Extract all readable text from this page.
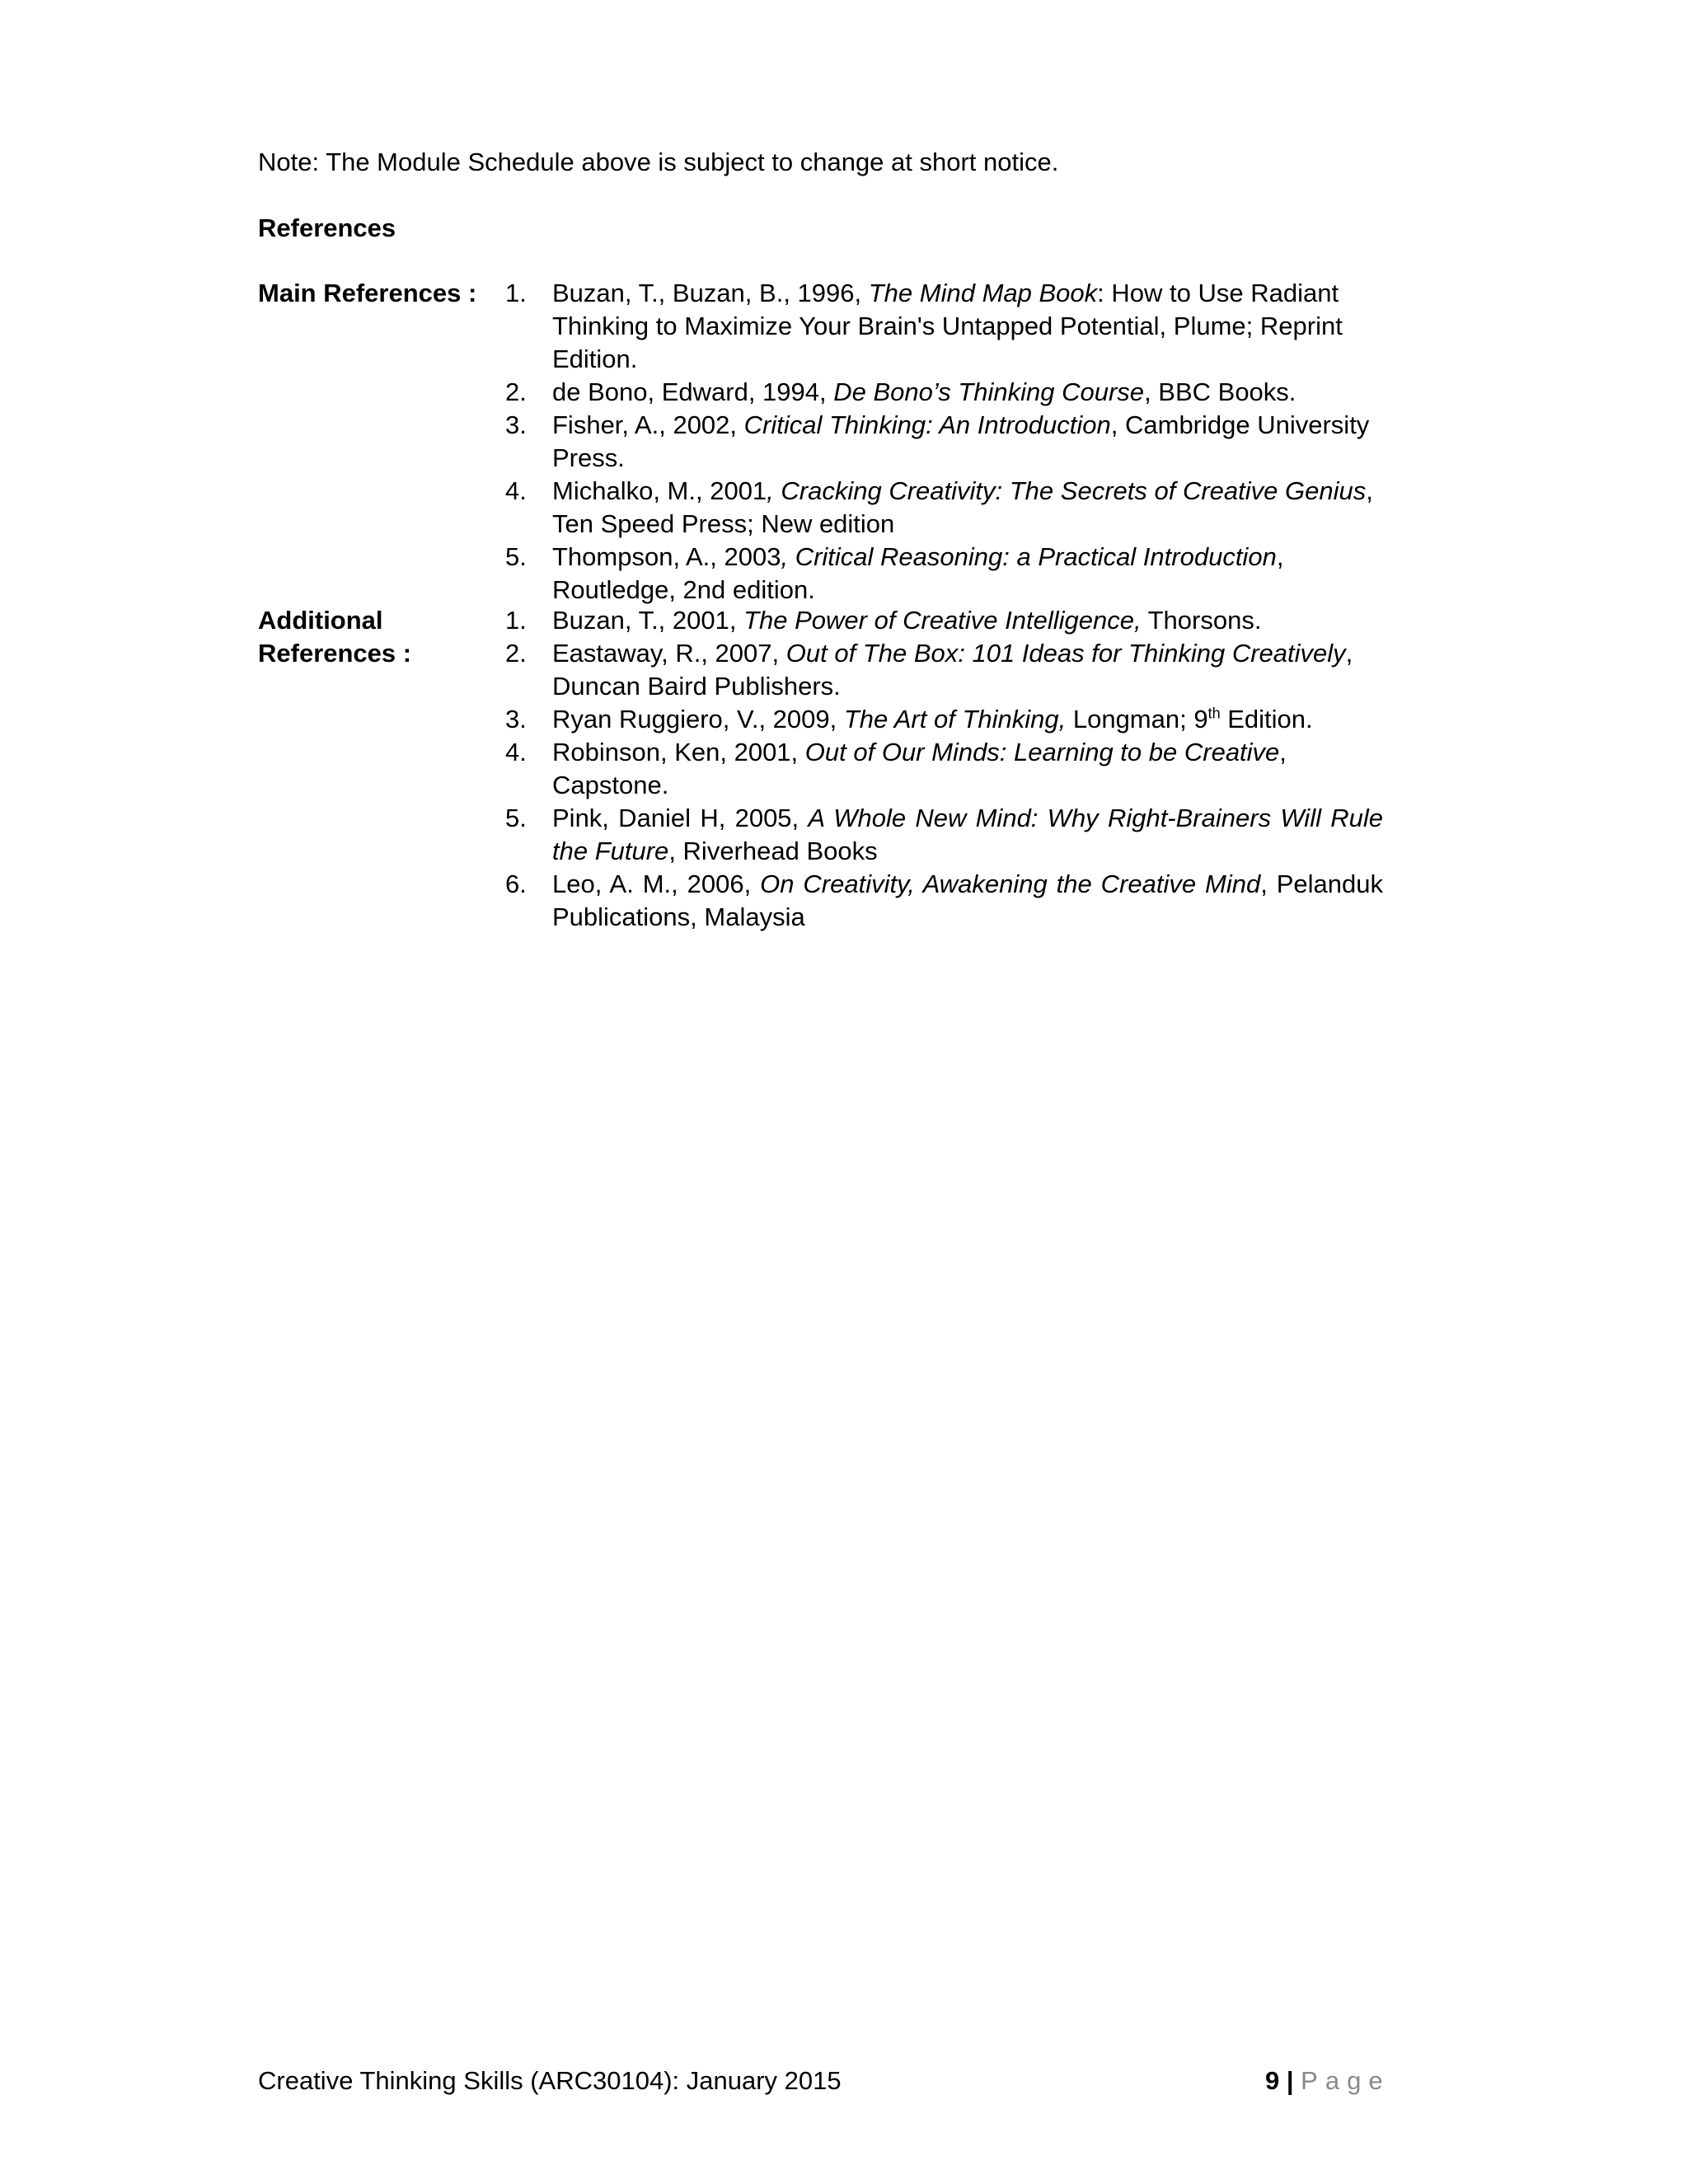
Note: The Module Schedule above is subject to change at short notice.
References
Main References :	1. Buzan, T., Buzan, B., 1996, The Mind Map Book: How to Use Radiant Thinking to Maximize Your Brain's Untapped Potential, Plume; Reprint Edition.
2. de Bono, Edward, 1994, De Bono’s Thinking Course, BBC Books.
3. Fisher, A., 2002, Critical Thinking: An Introduction, Cambridge University Press.
4. Michalko, M., 2001, Cracking Creativity: The Secrets of Creative Genius, Ten Speed Press; New edition
5. Thompson, A., 2003, Critical Reasoning: a Practical Introduction, Routledge, 2nd edition.
Additional References :
1. Buzan, T., 2001, The Power of Creative Intelligence, Thorsons.
2. Eastaway, R., 2007, Out of The Box: 101 Ideas for Thinking Creatively, Duncan Baird Publishers.
3. Ryan Ruggiero, V., 2009, The Art of Thinking, Longman; 9th Edition.
4. Robinson, Ken, 2001, Out of Our Minds: Learning to be Creative, Capstone.
5. Pink, Daniel H, 2005, A Whole New Mind: Why Right-Brainers Will Rule the Future, Riverhead Books
6. Leo, A. M., 2006, On Creativity, Awakening the Creative Mind, Pelanduk Publications, Malaysia
Creative Thinking Skills (ARC30104): January 2015	9 | Page
